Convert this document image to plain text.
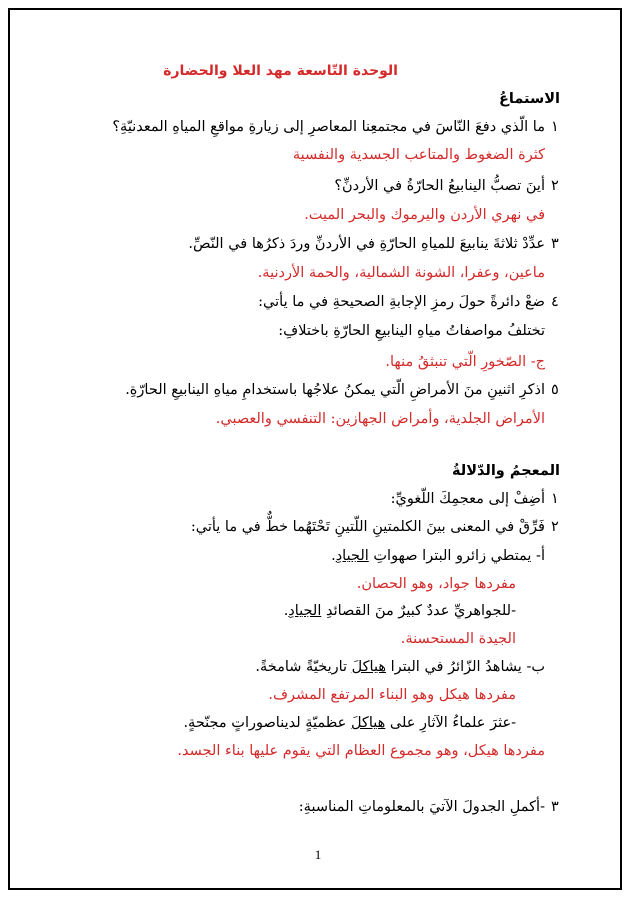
الوحدة التّاسعة مهد العلا والحضارة
الاستماعُ
١
ما الّذي دفعَ النّاسَ في مجتمعِنا المعاصرِ إلى زيارةِ مواقعِ المياهِ المعدنيّةِ؟
كثرة الضغوط والمتاعب الجسدية والنفسية
٢
أينَ تصبُّ الينابيعُ الحارّةُ في الأردنِّ؟
في نهري الأردن واليرموك والبحر الميت.
٣
عدِّدْ ثلاثةَ ينابيعَ للمياهِ الحارّةِ في الأردنِّ وردَ ذكرُها في النّصِّ.
ماعين، وعفرا، الشونة الشمالية، والحمة الأردنية.
٤
ضعْ دائرةً حولَ رمزِ الإجابةِ الصحيحةِ في ما يأتي:
تختلفُ مواصفاتُ مياهِ الينابيعِ الحارّةِ باختلافِ:
ج- الصّخورِ الّتي تنبثقُ منها.
٥
اذكرِ اثنينِ منَ الأمراضِ الّتي يمكنُ علاجُها باستخدامِ مياهِ الينابيعِ الحارّةِ.
الأمراض الجلدية، وأمراض الجهازين: التنفسي والعصبي.
المعجمُ والدّلالةُ
١
أضِفْ إلى معجمِكَ اللّغويِّ:
٢
فَرِّقْ في المعنى بينَ الكلمتينِ اللّتينِ تَحْتَهُما خطٌّ في ما يأتي:
أ- يمتطي زائرو البترا صهواتِ الجيادِ.
مفردها جواد، وهو الحصان.
-للجواهريِّ عددٌ كبيرٌ منَ القصائدِ الجيادِ.
الجيدة المستحسنة.
ب- يشاهدُ الزّائرُ في البترا هياكلَ تاريخيّةً شامخةً.
مفردها هيكل وهو البناء المرتفع المشرف.
-عثرَ علماءُ الآثارِ على هياكلَ عظميّةٍ لديناصوراتٍ مجنّحةٍ.
مفردها هيكل، وهو مجموع العظام التي يقوم عليها بناء الجسد.
٣
-أكملِ الجدولَ الآتيَ بالمعلوماتِ المناسبةِ:
1
